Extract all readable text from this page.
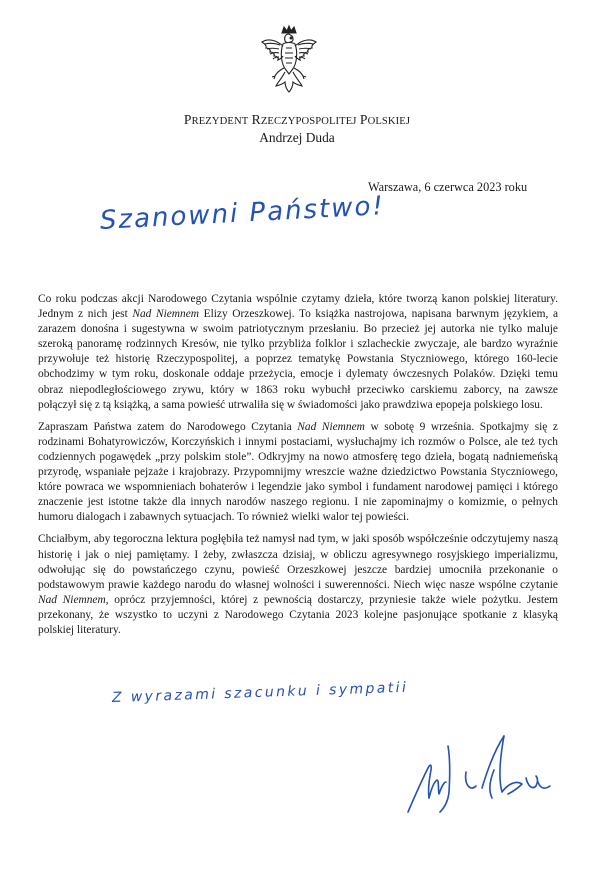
PREZYDENT RZECZYPOSPOLITEJ POLSKIEJ
Andrzej Duda
Warszawa, 6 czerwca 2023 roku
Szanowni Państwo!

Co roku podczas akcji Narodowego Czytania wspólnie czytamy dzieła, które tworzą kanon polskiej literatury. Jednym z nich jest Nad Niemnem Elizy Orzeszkowej. To książka nastrojowa, napisana barwnym językiem, a zarazem donośna i sugestywna w swoim patriotycznym przesłaniu. Bo przecież jej autorka nie tylko maluje szeroką panoramę rodzinnych Kresów, nie tylko przybliża folklor i szlacheckie zwyczaje, ale bardzo wyraźnie przywołuje też historię Rzeczypospolitej, a poprzez tematykę Powstania Styczniowego, którego 160-lecie obchodzimy w tym roku, doskonale oddaje przeżycia, emocje i dylematy ówczesnych Polaków. Dzięki temu obraz niepodległościowego zrywu, który w 1863 roku wybuchł przeciwko carskiemu zaborcy, na zawsze połączył się z tą książką, a sama powieść utrwaliła się w świadomości jako prawdziwa epopeja polskiego losu.

Zapraszam Państwa zatem do Narodowego Czytania Nad Niemnem w sobotę 9 września. Spotkajmy się z rodzinami Bohatyrowiczów, Korczyńskich i innymi postaciami, wysłuchajmy ich rozmów o Polsce, ale też tych codziennych pogawędek „przy polskim stole”. Odkryjmy na nowo atmosferę tego dzieła, bogatą nadniemeńską przyrodę, wspaniałe pejzaże i krajobrazy. Przypomnijmy wreszcie ważne dziedzictwo Powstania Styczniowego, które powraca we wspomnieniach bohaterów i legendzie jako symbol i fundament narodowej pamięci i którego znaczenie jest istotne także dla innych narodów naszego regionu. I nie zapominajmy o komizmie, o pełnych humoru dialogach i zabawnych sytuacjach. To również wielki walor tej powieści.

Chciałbym, aby tegoroczna lektura pogłębiła też namysł nad tym, w jaki sposób współcześnie odczytujemy naszą historię i jak o niej pamiętamy. I żeby, zwłaszcza dzisiaj, w obliczu agresywnego rosyjskiego imperializmu, odwołując się do powstańczego czynu, powieść Orzeszkowej jeszcze bardziej umocniła przekonanie o podstawowym prawie każdego narodu do własnej wolności i suwerenności. Niech więc nasze wspólne czytanie Nad Niemnem, oprócz przyjemności, której z pewnością dostarczy, przyniesie także wiele pożytku. Jestem przekonany, że wszystko to uczyni z Narodowego Czytania 2023 kolejne pasjonujące spotkanie z klasyką polskiej literatury.

Z wyrazami szacunku i sympatii
